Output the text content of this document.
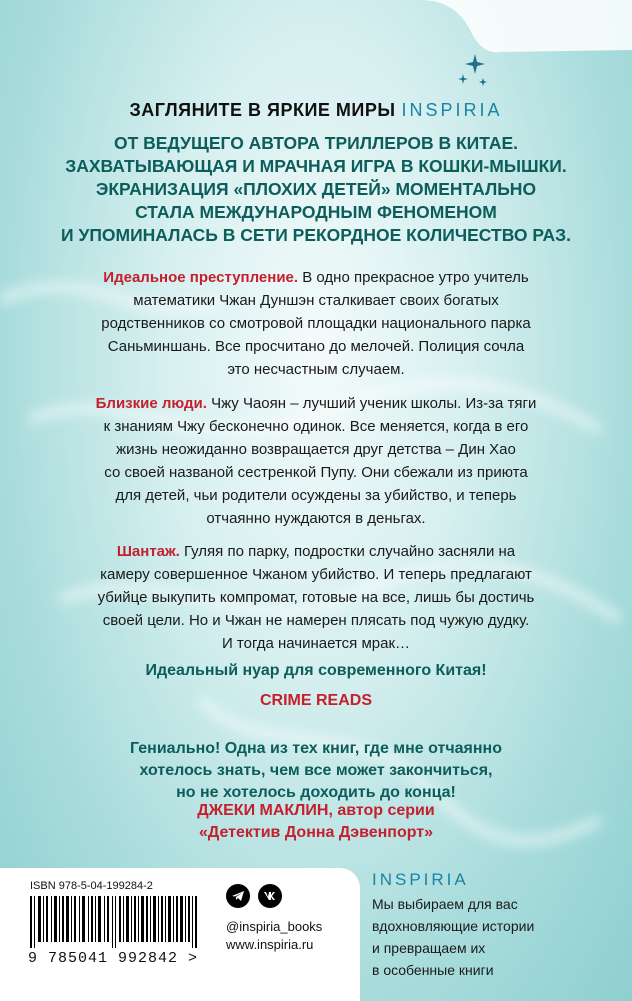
ЗАГЛЯНИТЕ В ЯРКИЕ МИРЫ INSPIRIA
ОТ ВЕДУЩЕГО АВТОРА ТРИЛЛЕРОВ В КИТАЕ.
ЗАХВАТЫВАЮЩАЯ И МРАЧНАЯ ИГРА В КОШКИ-МЫШКИ.
ЭКРАНИЗАЦИЯ «ПЛОХИХ ДЕТЕЙ» МОМЕНТАЛЬНО
СТАЛА МЕЖДУНАРОДНЫМ ФЕНОМЕНОМ
И УПОМИНАЛАСЬ В СЕТИ РЕКОРДНОЕ КОЛИЧЕСТВО РАЗ.
Идеальное преступление. В одно прекрасное утро учитель
математики Чжан Дуншэн сталкивает своих богатых
родственников со смотровой площадки национального парка
Саньминшань. Все просчитано до мелочей. Полиция сочла
это несчастным случаем.
Близкие люди. Чжу Чаоян – лучший ученик школы. Из-за тяги
к знаниям Чжу бесконечно одинок. Все меняется, когда в его
жизнь неожиданно возвращается друг детства – Дин Хао
со своей названой сестренкой Пупу. Они сбежали из приюта
для детей, чьи родители осуждены за убийство, и теперь
отчаянно нуждаются в деньгах.
Шантаж. Гуляя по парку, подростки случайно засняли на
камеру совершенное Чжаном убийство. И теперь предлагают
убийце выкупить компромат, готовые на все, лишь бы достичь
своей цели. Но и Чжан не намерен плясать под чужую дудку.
И тогда начинается мрак…
Идеальный нуар для современного Китая!
CRIME READS
Гениально! Одна из тех книг, где мне отчаянно
хотелось знать, чем все может закончиться,
но не хотелось доходить до конца!
ДЖЕКИ МАКЛИН, автор серии
«Детектив Донна Дэвенпорт»
ISBN 978-5-04-199284-2
9 785041 992842 >
@inspiria_books
www.inspiria.ru
INSPIRIA
Мы выбираем для вас
вдохновляющие истории
и превращаем их
в особенные книги
